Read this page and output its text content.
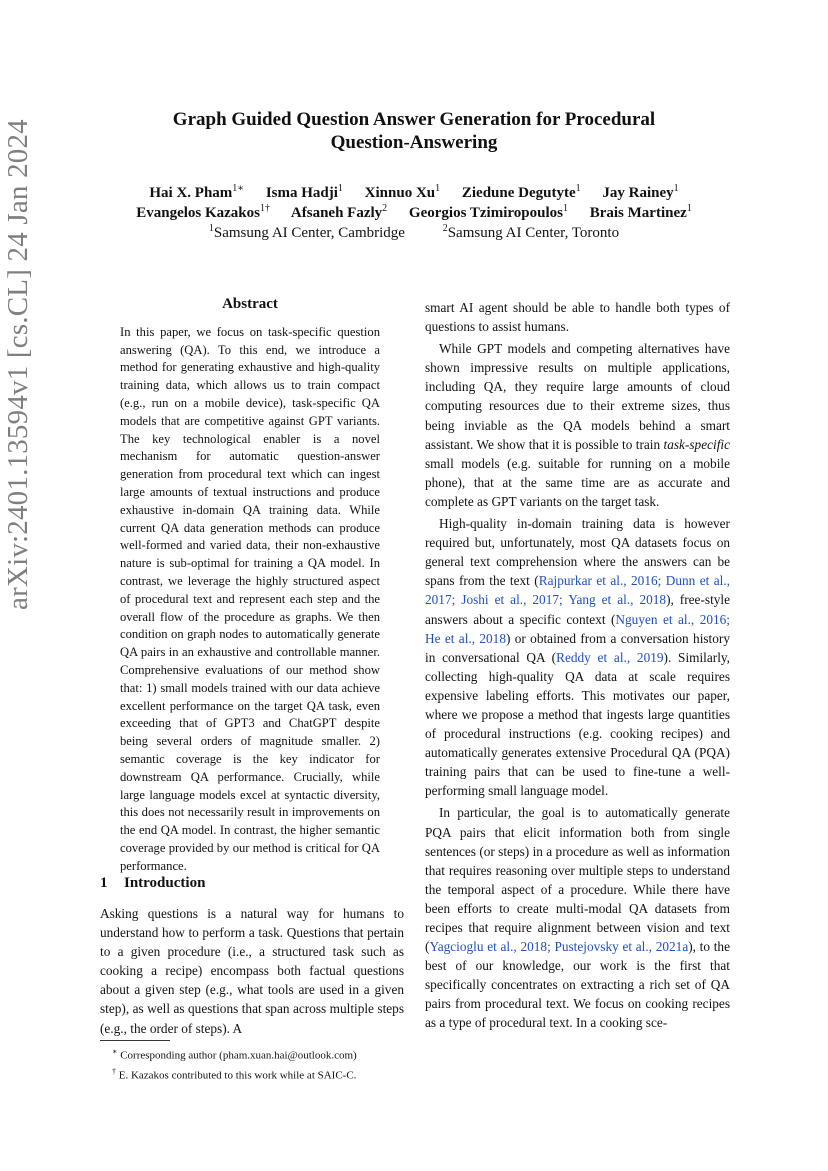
arXiv:2401.13594v1 [cs.CL] 24 Jan 2024	Graph Guided Question Answer Generation for Procedural
Question-Answering
Hai X. Pham$^{1∗}$ Isma Hadji$^1$ Xinnuo Xu$^1$ Ziedune Degutyte$^1$ Jay Rainey$^1$
Evangelos Kazakos$^{1\dagger}$ Afsaneh Fazly$^2$ Georgios Tzimiropoulos$^1$ Brais Martinez$^1$
$^1$Samsung AI Center, Cambridge	$^2$Samsung AI Center, Toronto
Abstract

In this paper, we focus on task-specific question answering (QA). To this end, we introduce a method for generating exhaustive and high-quality training data, which allows us to train compact (e.g., run on a mobile device), task-specific QA models that are competitive against GPT variants. The key technological enabler is a novel mechanism for automatic question-answer generation from procedural text which can ingest large amounts of textual instructions and produce exhaustive in-domain QA training data. While current QA data generation methods can produce well-formed and varied data, their non-exhaustive nature is sub-optimal for training a QA model. In contrast, we leverage the highly structured aspect of procedural text and represent each step and the overall flow of the procedure as graphs. We then condition on graph nodes to automatically generate QA pairs in an exhaustive and controllable manner. Comprehensive evaluations of our method show that: 1) small models trained with our data achieve excellent performance on the target QA task, even exceeding that of GPT3 and ChatGPT despite being several orders of magnitude smaller. 2) semantic coverage is the key indicator for downstream QA performance. Crucially, while large language models excel at syntactic diversity, this does not necessarily result in improvements on the end QA model. In contrast, the higher semantic coverage provided by our method is critical for QA performance.

1 Introduction

Asking questions is a natural way for humans to understand how to perform a task. Questions that pertain to a given procedure (i.e., a structured task such as cooking a recipe) encompass both factual questions about a given step (e.g., what tools are used in a given step), as well as questions that span across multiple steps (e.g., the order of steps). A

∗ Corresponding author (pham.xuan.hai@outlook.com)
† E. Kazakos contributed to this work while at SAIC-C.

smart AI agent should be able to handle both types of questions to assist humans.

While GPT models and competing alternatives have shown impressive results on multiple applications, including QA, they require large amounts of cloud computing resources due to their extreme sizes, thus being inviable as the QA models behind a smart assistant. We show that it is possible to train task-specific small models (e.g. suitable for running on a mobile phone), that at the same time are as accurate and complete as GPT variants on the target task.

High-quality in-domain training data is however required but, unfortunately, most QA datasets focus on general text comprehension where the answers can be spans from the text (Rajpurkar et al., 2016; Dunn et al., 2017; Joshi et al., 2017; Yang et al., 2018), free-style answers about a specific context (Nguyen et al., 2016; He et al., 2018) or obtained from a conversation history in conversational QA (Reddy et al., 2019). Similarly, collecting high-quality QA data at scale requires expensive labeling efforts. This motivates our paper, where we propose a method that ingests large quantities of procedural instructions (e.g. cooking recipes) and automatically generates extensive Procedural QA (PQA) training pairs that can be used to fine-tune a well-performing small language model.

In particular, the goal is to automatically generate PQA pairs that elicit information both from single sentences (or steps) in a procedure as well as information that requires reasoning over multiple steps to understand the temporal aspect of a procedure. While there have been efforts to create multi-modal QA datasets from recipes that require alignment between vision and text (Yagcioglu et al., 2018; Pustejovsky et al., 2021a), to the best of our knowledge, our work is the first that specifically concentrates on extracting a rich set of QA pairs from procedural text. We focus on cooking recipes as a type of procedural text. In a cooking sce-
